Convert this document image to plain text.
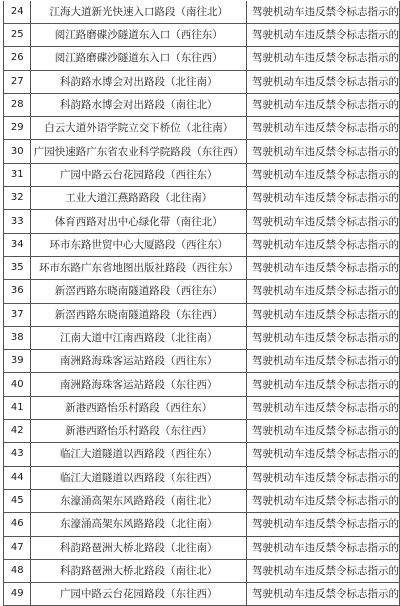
24	江海大道新光快速入口路段（南往北）	驾驶机动车违反禁令标志指示的
25	阅江路磨碟沙隧道东入口（西往东）	驾驶机动车违反禁令标志指示的
26	阅江路磨碟沙隧道东入口（东往西）	驾驶机动车违反禁令标志指示的
27	科韵路水博会对出路段（北往南）	驾驶机动车违反禁令标志指示的
28	科韵路水博会对出路段（南往北）	驾驶机动车违反禁令标志指示的
29	白云大道外语学院立交下桥位（北往南）	驾驶机动车违反禁令标志指示的
30	广园快速路广东省农业科学院路段（东往西）	驾驶机动车违反禁令标志指示的
31	广园中路云台花园路段（西往东）	驾驶机动车违反禁令标志指示的
32	工业大道江燕路路段（北往南）	驾驶机动车违反禁令标志指示的
33	体育西路对出中心绿化带（南往北）	驾驶机动车违反禁令标志指示的
34	环市东路世贸中心大厦路段（西往东）	驾驶机动车违反禁令标志指示的
35	环市东路广东省地图出版社路段（西往东）	驾驶机动车违反禁令标志指示的
36	新滘西路东晓南隧道路段（西往东）	驾驶机动车违反禁令标志指示的
37	新滘西路东晓南隧道路段（东往西）	驾驶机动车违反禁令标志指示的
38	江南大道中江南西路段（北往南）	驾驶机动车违反禁令标志指示的
39	南洲路海珠客运站路段（西往东）	驾驶机动车违反禁令标志指示的
40	南洲路海珠客运站路段（东往西）	驾驶机动车违反禁令标志指示的
41	新港西路怡乐村路段（西往东）	驾驶机动车违反禁令标志指示的
42	新港西路怡乐村路段（东往西）	驾驶机动车违反禁令标志指示的
43	临江大道隧道以西路段（西往东）	驾驶机动车违反禁令标志指示的
44	临江大道隧道以西路段（东往西）	驾驶机动车违反禁令标志指示的
45	东濠涌高架东风路路段（南往北）	驾驶机动车违反禁令标志指示的
46	东濠涌高架东风路路段（北往南）	驾驶机动车违反禁令标志指示的
47	科韵路琶洲大桥北路段（北往南）	驾驶机动车违反禁令标志指示的
48	科韵路琶洲大桥北路段（南往北）	驾驶机动车违反禁令标志指示的
49	广园中路云台花园路段（东往西）	驾驶机动车违反禁令标志指示的
